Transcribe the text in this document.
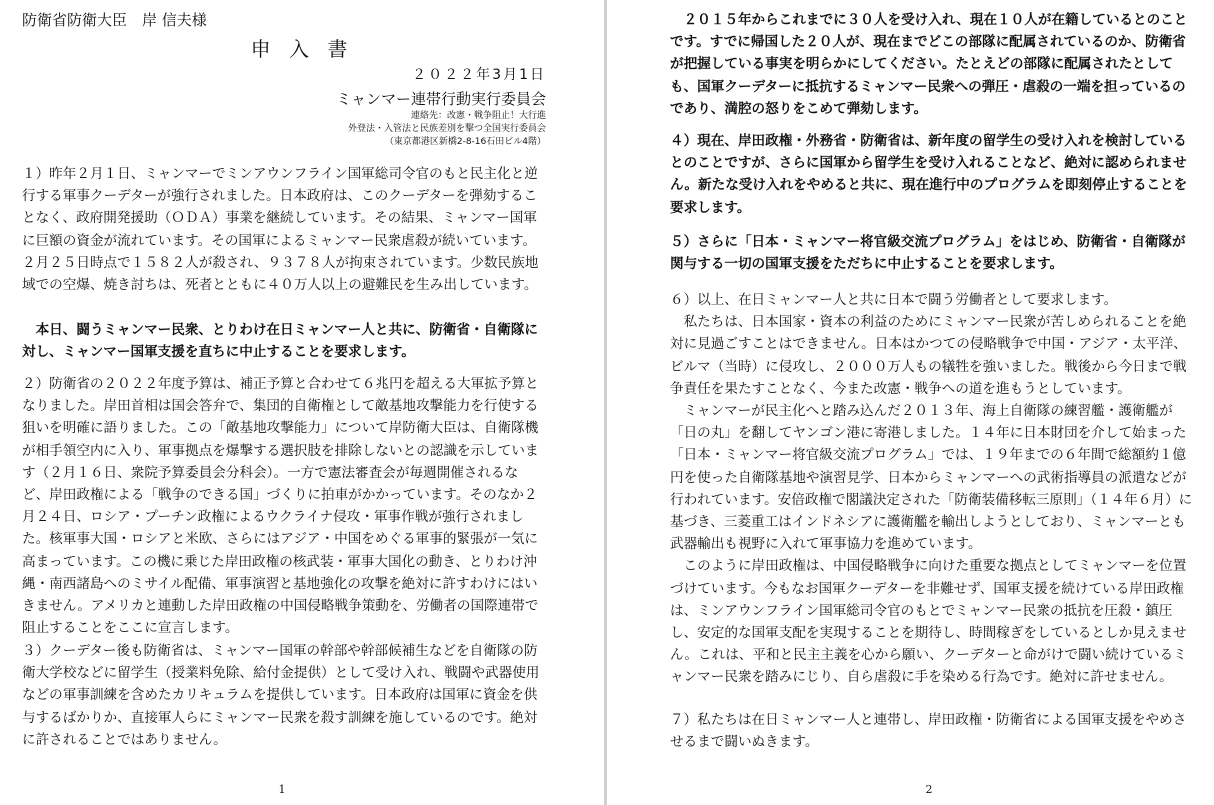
防衛省防衛大臣　岸 信夫様
申 入 書
２０２２年3月1日
ミャンマー連帯行動実行委員会
連絡先：改憲・戦争阻止！大行進
外登法・入管法と民族差別を撃つ全国実行委員会
（東京都港区新橋2-8-16石田ビル4階）

１）昨年２月１日、ミャンマーでミンアウンフライン国軍総司令官のもと民主化と逆行する軍事クーデターが強行されました。日本政府は、このクーデターを弾劾することなく、政府開発援助（ＯＤＡ）事業を継続しています。その結果、ミャンマー国軍に巨額の資金が流れています。その国軍によるミャンマー民衆虐殺が続いています。２月２５日時点で１５８２人が殺され、９３７８人が拘束されています。少数民族地域での空爆、焼き討ちは、死者とともに４０万人以上の避難民を生み出しています。

　本日、闘うミャンマー民衆、とりわけ在日ミャンマー人と共に、防衛省・自衛隊に対し、ミャンマー国軍支援を直ちに中止することを要求します。

２）防衛省の２０２２年度予算は、補正予算と合わせて６兆円を超える大軍拡予算となりました。岸田首相は国会答弁で、集団的自衛権として敵基地攻撃能力を行使する狙いを明確に語りました。この「敵基地攻撃能力」について岸防衛大臣は、自衛隊機が相手領空内に入り、軍事拠点を爆撃する選択肢を排除しないとの認識を示しています（２月１６日、衆院予算委員会分科会）。一方で憲法審査会が毎週開催されるなど、岸田政権による「戦争のできる国」づくりに拍車がかかっています。そのなか２月２４日、ロシア・プーチン政権によるウクライナ侵攻・軍事作戦が強行されました。核軍事大国・ロシアと米欧、さらにはアジア・中国をめぐる軍事的緊張が一気に高まっています。この機に乗じた岸田政権の核武装・軍事大国化の動き、とりわけ沖縄・南西諸島へのミサイル配備、軍事演習と基地強化の攻撃を絶対に許すわけにはいきません。アメリカと連動した岸田政権の中国侵略戦争策動を、労働者の国際連帯で阻止することをここに宣言します。

３）クーデター後も防衛省は、ミャンマー国軍の幹部や幹部候補生などを自衛隊の防衛大学校などに留学生（授業料免除、給付金提供）として受け入れ、戦闘や武器使用などの軍事訓練を含めたカリキュラムを提供しています。日本政府は国軍に資金を供与するばかりか、直接軍人らにミャンマー民衆を殺す訓練を施しているのです。絶対に許されることではありません。

1

　２０１５年からこれまでに３０人を受け入れ、現在１０人が在籍しているとのことです。すでに帰国した２０人が、現在までどこの部隊に配属されているのか、防衛省が把握している事実を明らかにしてください。たとえどの部隊に配属されたとしても、国軍クーデターに抵抗するミャンマー民衆への弾圧・虐殺の一端を担っているのであり、満腔の怒りをこめて弾劾します。

４）現在、岸田政権・外務省・防衛省は、新年度の留学生の受け入れを検討しているとのことですが、さらに国軍から留学生を受け入れることなど、絶対に認められません。新たな受け入れをやめると共に、現在進行中のプログラムを即刻停止することを要求します。

５）さらに「日本・ミャンマー将官級交流プログラム」をはじめ、防衛省・自衛隊が関与する一切の国軍支援をただちに中止することを要求します。

６）以上、在日ミャンマー人と共に日本で闘う労働者として要求します。
　私たちは、日本国家・資本の利益のためにミャンマー民衆が苦しめられることを絶対に見過ごすことはできません。日本はかつての侵略戦争で中国・アジア・太平洋、ビルマ（当時）に侵攻し、２０００万人もの犠牲を強いました。戦後から今日まで戦争責任を果たすことなく、今また改憲・戦争への道を進もうとしています。
　ミャンマーが民主化へと踏み込んだ２０１３年、海上自衛隊の練習艦・護衛艦が「日の丸」を翻してヤンゴン港に寄港しました。１４年に日本財団を介して始まった「日本・ミャンマー将官級交流プログラム」では、１９年までの６年間で総額約１億円を使った自衛隊基地や演習見学、日本からミャンマーへの武術指導員の派遣などが行われています。安倍政権で閣議決定された「防衛装備移転三原則」（１４年６月）に基づき、三菱重工はインドネシアに護衛艦を輸出しようとしており、ミャンマーとも武器輸出も視野に入れて軍事協力を進めています。
　このように岸田政権は、中国侵略戦争に向けた重要な拠点としてミャンマーを位置づけています。今もなお国軍クーデターを非難せず、国軍支援を続けている岸田政権は、ミンアウンフライン国軍総司令官のもとでミャンマー民衆の抵抗を圧殺・鎮圧し、安定的な国軍支配を実現することを期待し、時間稼ぎをしているとしか見えません。これは、平和と民主主義を心から願い、クーデターと命がけで闘い続けているミャンマー民衆を踏みにじり、自ら虐殺に手を染める行為です。絶対に許せません。

７）私たちは在日ミャンマー人と連帯し、岸田政権・防衛省による国軍支援をやめさせるまで闘いぬきます。

2
